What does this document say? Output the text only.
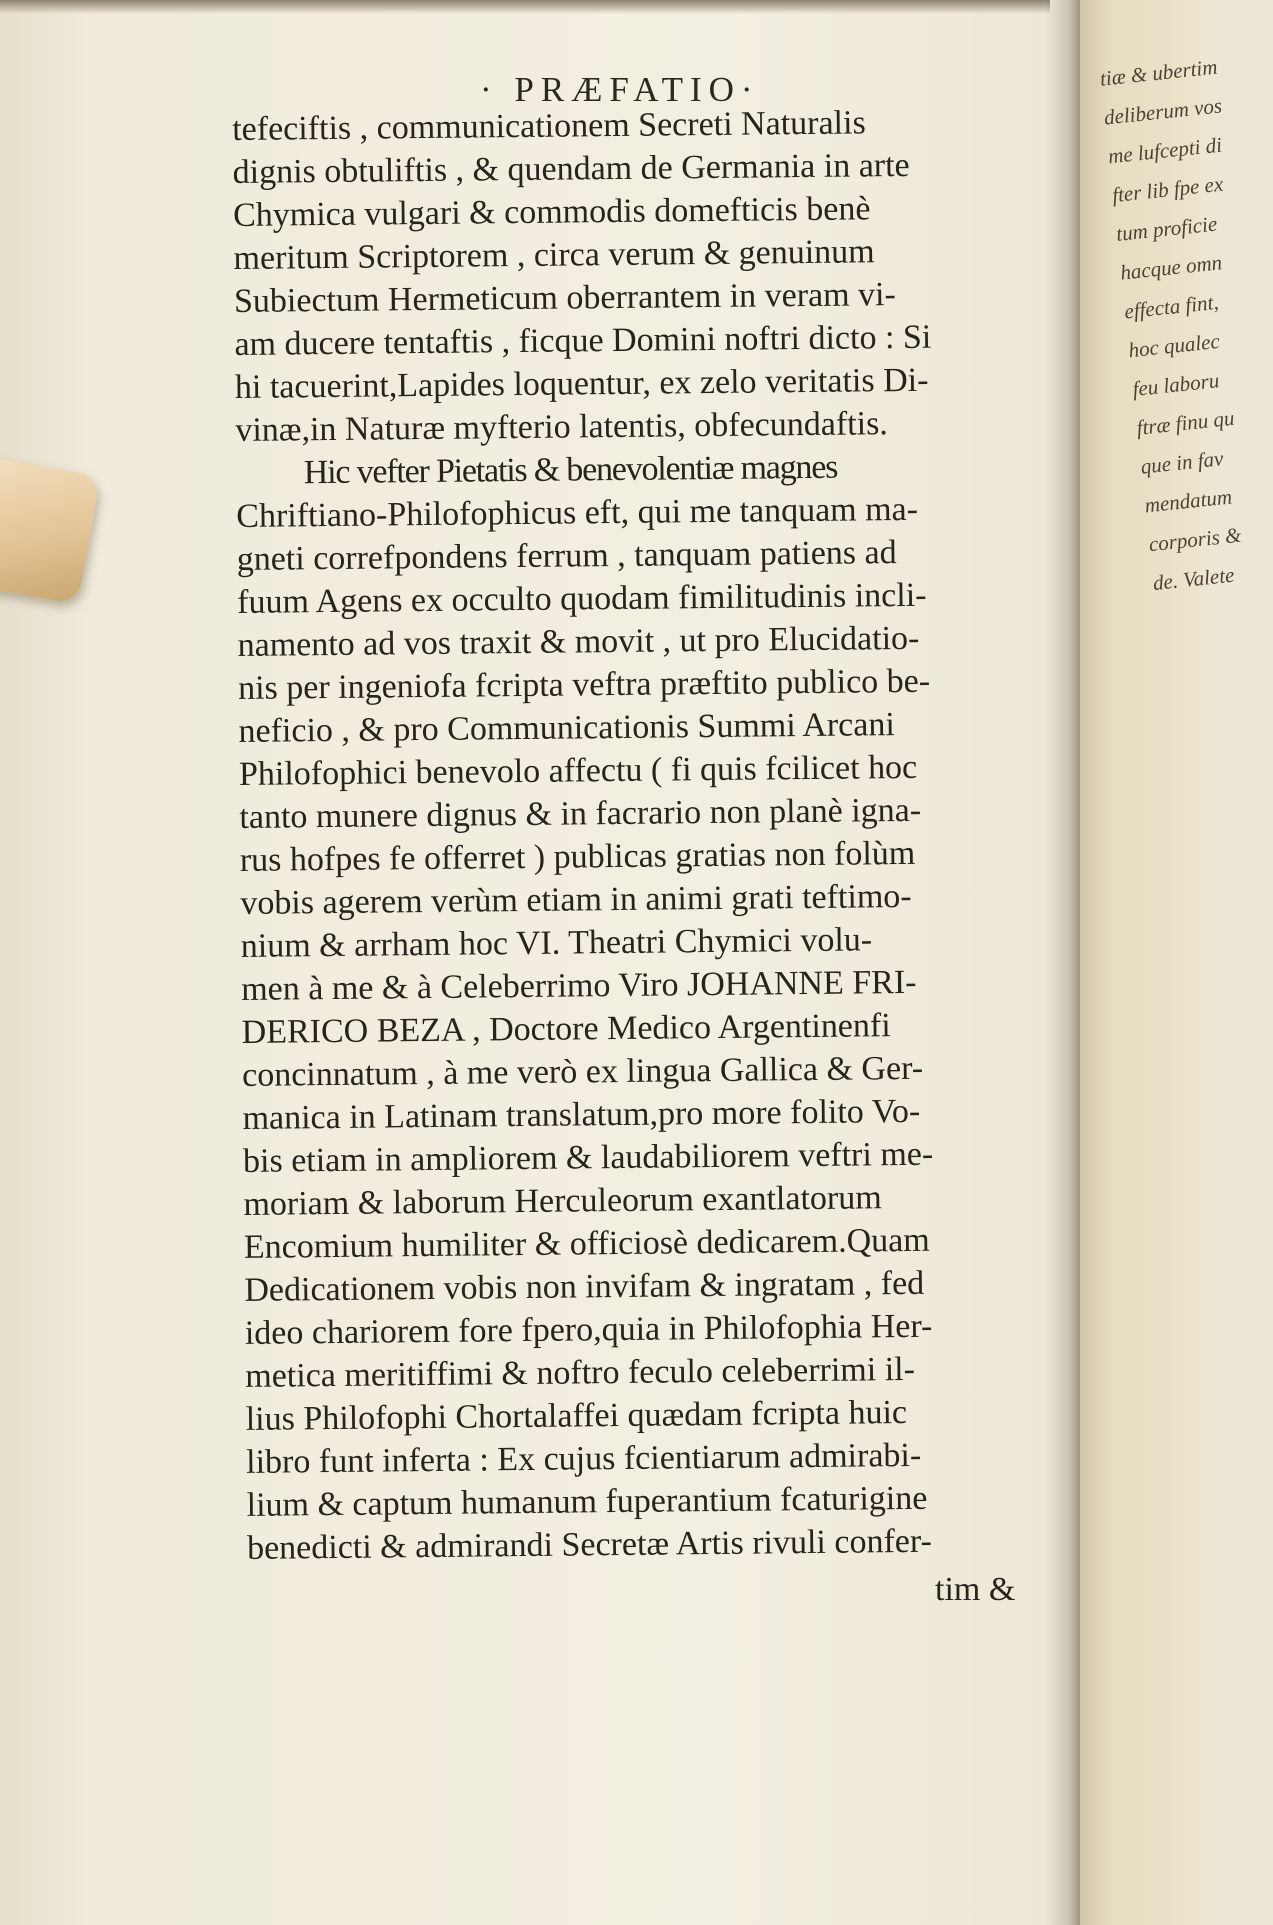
· PRÆFATIO·
tefeciftis , communicationem Secreti Naturalis
dignis obtuliftis , & quendam de Germania in arte
Chymica vulgari & commodis domefticis benè
meritum Scriptorem , circa verum & genuinum
Subiectum Hermeticum oberrantem in veram vi-
am ducere tentaftis , ficque Domini noftri dicto : Si
hi tacuerint,Lapides loquentur, ex zelo veritatis Di-
vinæ,in Naturæ myfterio latentis, obfecundaftis.
Hic vefter Pietatis & benevolentiæ magnes
Chriftiano-Philofophicus eft, qui me tanquam ma-
gneti correfpondens ferrum , tanquam patiens ad
fuum Agens ex occulto quodam fimilitudinis incli-
namento ad vos traxit & movit , ut pro Elucidatio-
nis per ingeniofa fcripta veftra præftito publico be-
neficio , & pro Communicationis Summi Arcani
Philofophici benevolo affectu ( fi quis fcilicet hoc
tanto munere dignus & in facrario non planè igna-
rus hofpes fe offerret ) publicas gratias non folùm
vobis agerem verùm etiam in animi grati teftimo-
nium & arrham hoc VI. Theatri Chymici volu-
men à me & à Celeberrimo Viro JOHANNE FRI-
DERICO BEZA , Doctore Medico Argentinenfi
concinnatum , à me verò ex lingua Gallica & Ger-
manica in Latinam translatum,pro more folito Vo-
bis etiam in ampliorem & laudabiliorem veftri me-
moriam & laborum Herculeorum exantlatorum
Encomium humiliter & officiosè dedicarem.Quam
Dedicationem vobis non invifam & ingratam , fed
ideo chariorem fore fpero,quia in Philofophia Her-
metica meritiffimi & noftro feculo celeberrimi il-
lius Philofophi Chortalaffei quædam fcripta huic
libro funt inferta : Ex cujus fcientiarum admirabi-
lium & captum humanum fuperantium fcaturigine
benedicti & admirandi Secretæ Artis rivuli confer-
tim &
tiæ & ubertim
deliberum vos
me lufcepti di
fter lib fpe ex
tum proficie
hacque omn
effecta fint,
hoc qualec
feu laboru
ftræ finu qu
que in fav
mendatum
corporis &
de. Valete
